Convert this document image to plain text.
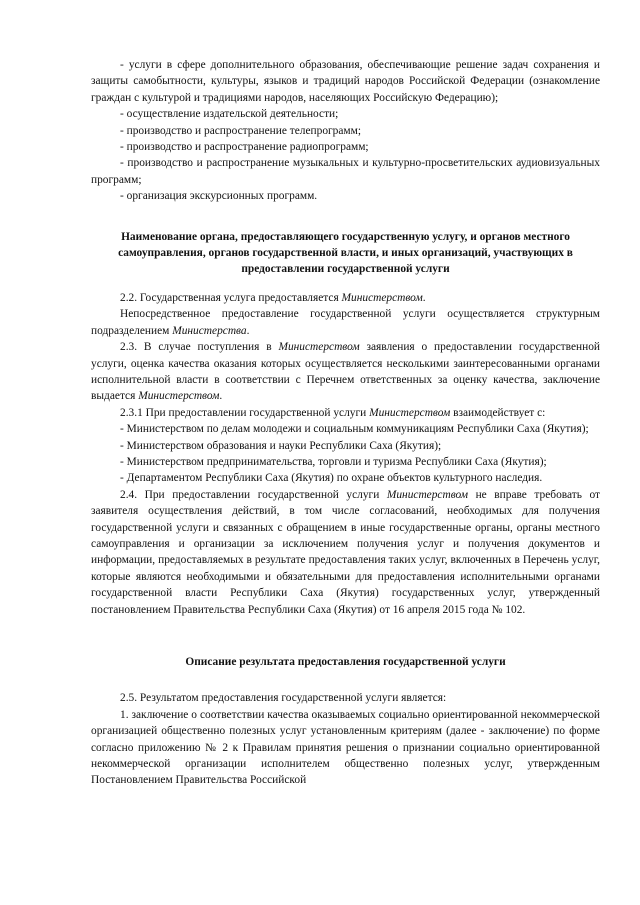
- услуги в сфере дополнительного образования, обеспечивающие решение задач сохранения и защиты самобытности, культуры, языков и традиций народов Российской Федерации (ознакомление граждан с культурой и традициями народов, населяющих Российскую Федерацию);

- осуществление издательской деятельности;

- производство и распространение телепрограмм;

- производство и распространение радиопрограмм;

- производство и распространение музыкальных и культурно-просветительских аудиовизуальных программ;

- организация экскурсионных программ.

Наименование органа, предоставляющего государственную услугу, и органов местного самоуправления, органов государственной власти, и иных организаций, участвующих в предоставлении государственной услуги

2.2. Государственная услуга предоставляется Министерством.

Непосредственное предоставление государственной услуги осуществляется структурным подразделением Министерства.

2.3. В случае поступления в Министерством заявления о предоставлении государственной услуги, оценка качества оказания которых осуществляется несколькими заинтересованными органами исполнительной власти в соответствии с Перечнем ответственных за оценку качества, заключение выдается Министерством.

2.3.1 При предоставлении государственной услуги Министерством взаимодействует с:

- Министерством по делам молодежи и социальным коммуникациям Республики Саха (Якутия);

- Министерством образования и науки Республики Саха (Якутия);

- Министерством предпринимательства, торговли и туризма Республики Саха (Якутия);

- Департаментом Республики Саха (Якутия) по охране объектов культурного наследия.

2.4. При предоставлении государственной услуги Министерством не вправе требовать от заявителя осуществления действий, в том числе согласований, необходимых для получения государственной услуги и связанных с обращением в иные государственные органы, органы местного самоуправления и организации за исключением получения услуг и получения документов и информации, предоставляемых в результате предоставления таких услуг, включенных в Перечень услуг, которые являются необходимыми и обязательными для предоставления исполнительными органами государственной власти Республики Саха (Якутия) государственных услуг, утвержденный постановлением Правительства Республики Саха (Якутия) от 16 апреля 2015 года № 102.

Описание результата предоставления государственной услуги

2.5. Результатом предоставления государственной услуги является:

1. заключение о соответствии качества оказываемых социально ориентированной некоммерческой организацией общественно полезных услуг установленным критериям (далее - заключение) по форме согласно приложению № 2 к Правилам принятия решения о признании социально ориентированной некоммерческой организации исполнителем общественно полезных услуг, утвержденным Постановлением Правительства Российской
